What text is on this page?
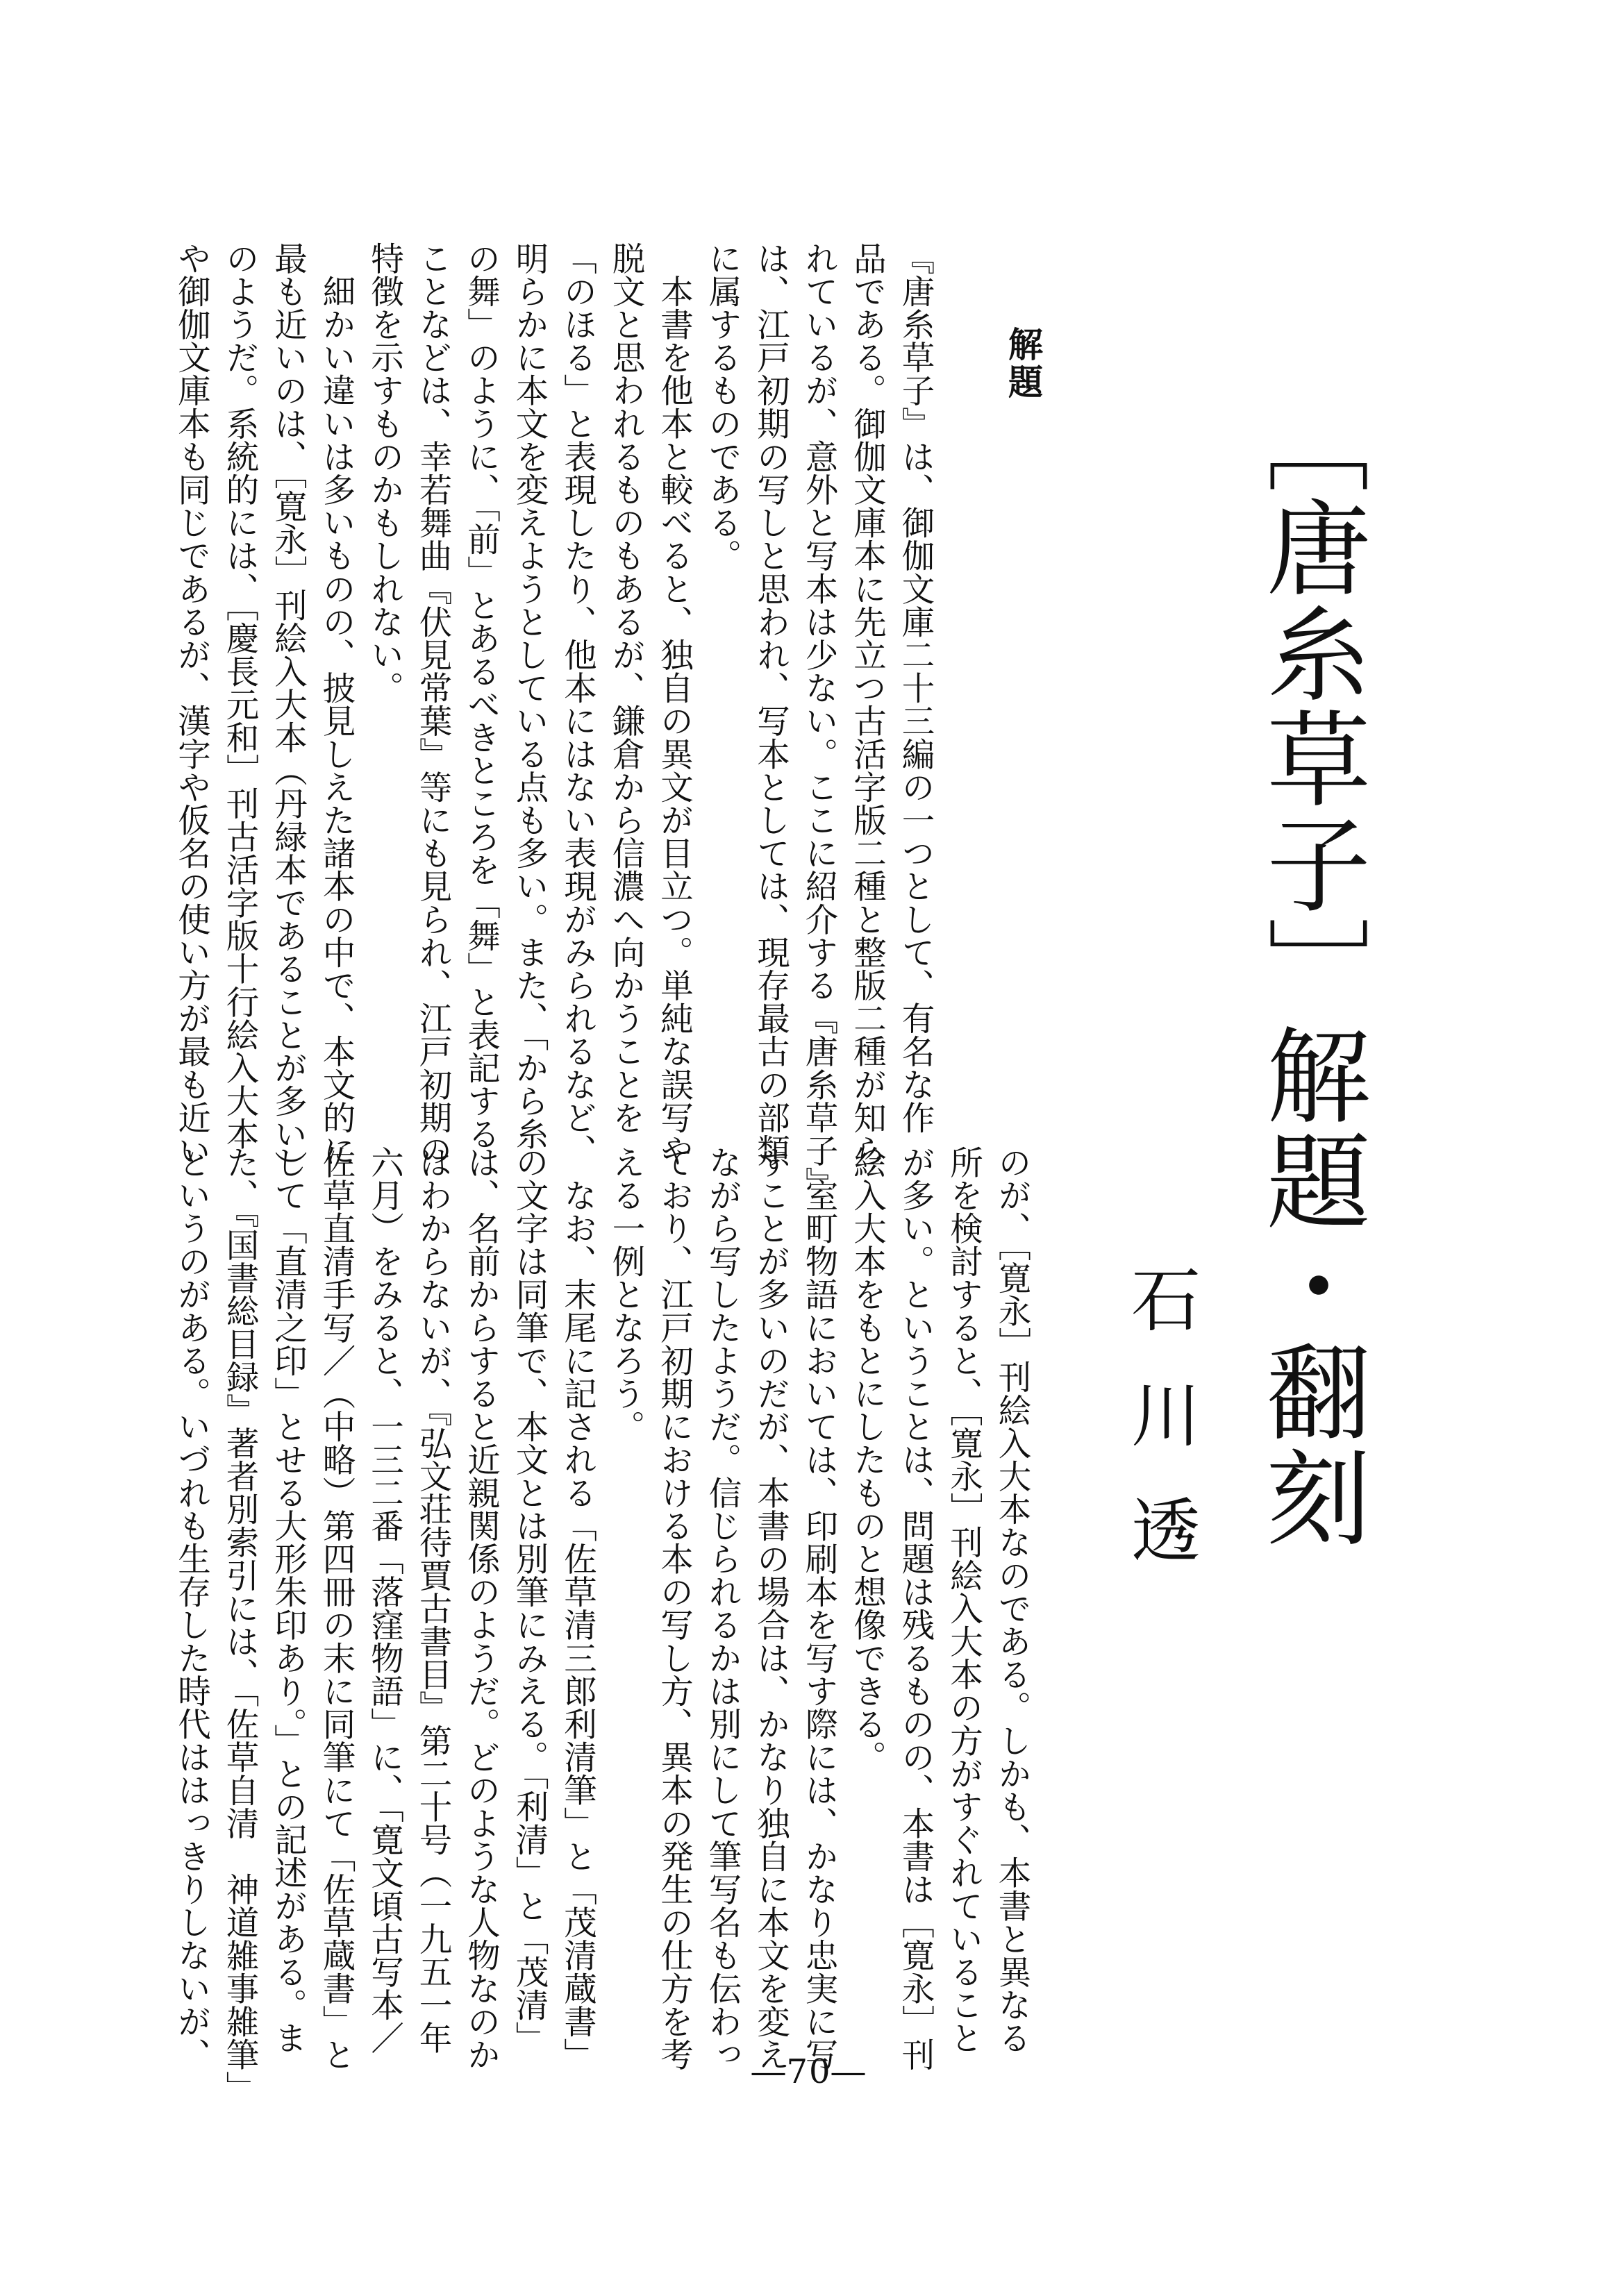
［唐糸草子］解題・翻刻
石川透
解題
『唐糸草子』は、御伽文庫二十三編の一つとして、有名な作
品である。御伽文庫本に先立つ古活字版二種と整版二種が知ら
れているが、意外と写本は少ない。ここに紹介する『唐糸草子』
は、江戸初期の写しと思われ、写本としては、現存最古の部類
に属するものである。
　本書を他本と較べると、独自の異文が目立つ。単純な誤写や
脱文と思われるものもあるが、鎌倉から信濃へ向かうことを
「のほる」と表現したり、他本にはない表現がみられるなど、
明らかに本文を変えようとしている点も多い。また、「から糸
の舞」のように、「前」とあるべきところを「舞」と表記する
ことなどは、幸若舞曲『伏見常葉』等にも見られ、江戸初期の
特徴を示すものかもしれない。
　細かい違いは多いものの、披見しえた諸本の中で、本文的に
最も近いのは、［寛永］刊絵入大本（丹緑本であることが多い）
のようだ。系統的には、［慶長元和］刊古活字版十行絵入大本
や御伽文庫本も同じであるが、漢字や仮名の使い方が最も近い
のが、［寛永］刊絵入大本なのである。しかも、本書と異なる
所を検討すると、［寛永］刊絵入大本の方がすぐれていること
が多い。ということは、問題は残るものの、本書は［寛永］刊
絵入大本をもとにしたものと想像できる。
　室町物語においては、印刷本を写す際には、かなり忠実に写
すことが多いのだが、本書の場合は、かなり独自に本文を変え
ながら写したようだ。信じられるかは別にして筆写名も伝わっ
ており、江戸初期における本の写し方、異本の発生の仕方を考
える一例となろう。
　なお、末尾に記される「佐草清三郎利清筆」と「茂清蔵書」
の文字は同筆で、本文とは別筆にみえる。「利清」と「茂清」
は、名前からすると近親関係のようだ。どのような人物なのか
はわからないが、『弘文荘待賈古書目』第二十号（一九五一年
六月）をみると、一三二番「落窪物語」に、「寛文頃古写本／
佐草直清手写／（中略）第四冊の末に同筆にて「佐草蔵書」と
して「直清之印」とせる大形朱印あり。」との記述がある。ま
た、『国書総目録』著者別索引には、「佐草自清　神道雑事雑筆」
というのがある。いづれも生存した時代ははっきりしないが、
―70―
